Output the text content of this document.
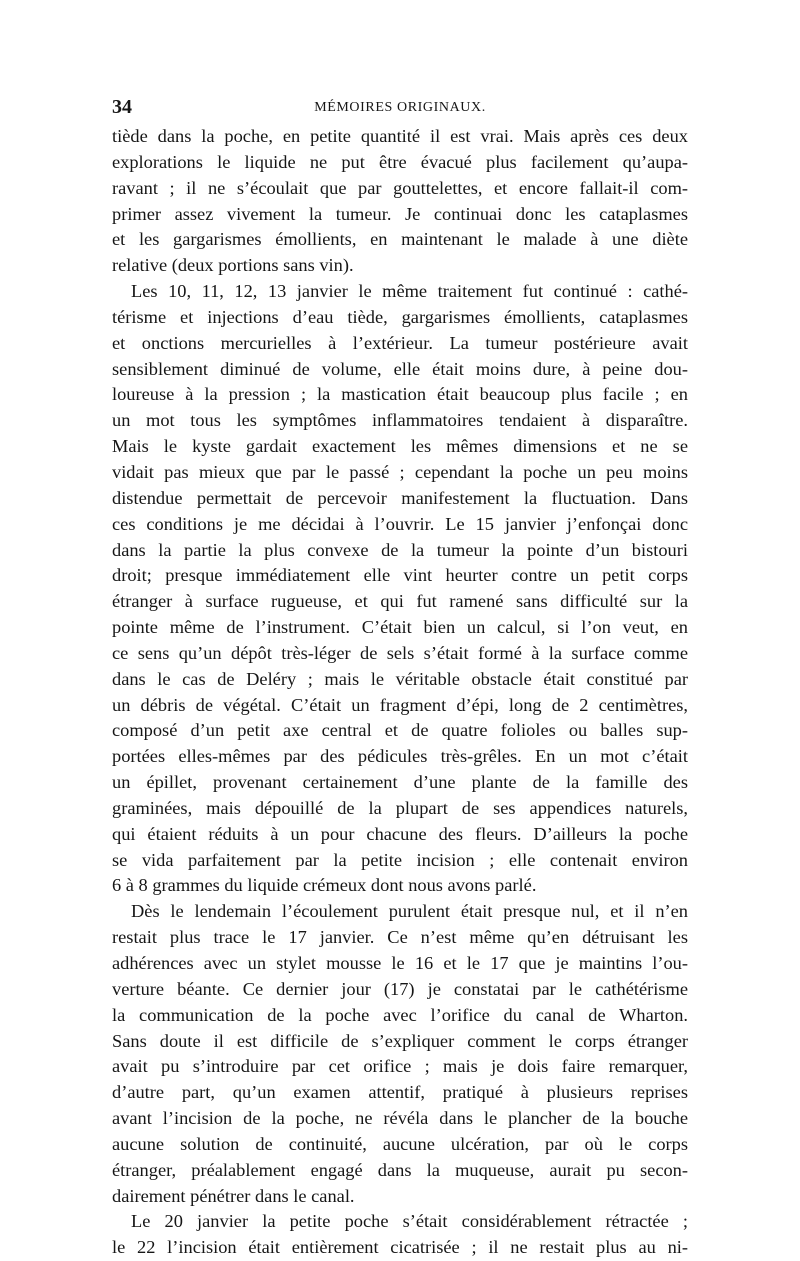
34	MÉMOIRES ORIGINAUX.
tiède dans la poche, en petite quantité il est vrai. Mais après ces deux
explorations le liquide ne put être évacué plus facilement qu’aupa-
ravant ; il ne s’écoulait que par gouttelettes, et encore fallait-il com-
primer assez vivement la tumeur. Je continuai donc les cataplasmes
et les gargarismes émollients, en maintenant le malade à une diète
relative (deux portions sans vin).
Les 10, 11, 12, 13 janvier le même traitement fut continué : cathé-
térisme et injections d’eau tiède, gargarismes émollients, cataplasmes
et onctions mercurielles à l’extérieur. La tumeur postérieure avait
sensiblement diminué de volume, elle était moins dure, à peine dou-
loureuse à la pression ; la mastication était beaucoup plus facile ; en
un mot tous les symptômes inflammatoires tendaient à disparaître.
Mais le kyste gardait exactement les mêmes dimensions et ne se
vidait pas mieux que par le passé ; cependant la poche un peu moins
distendue permettait de percevoir manifestement la fluctuation. Dans
ces conditions je me décidai à l’ouvrir. Le 15 janvier j’enfonçai donc
dans la partie la plus convexe de la tumeur la pointe d’un bistouri
droit; presque immédiatement elle vint heurter contre un petit corps
étranger à surface rugueuse, et qui fut ramené sans difficulté sur la
pointe même de l’instrument. C’était bien un calcul, si l’on veut, en
ce sens qu’un dépôt très-léger de sels s’était formé à la surface comme
dans le cas de Deléry ; mais le véritable obstacle était constitué par
un débris de végétal. C’était un fragment d’épi, long de 2 centimètres,
composé d’un petit axe central et de quatre folioles ou balles sup-
portées elles-mêmes par des pédicules très-grêles. En un mot c’était
un épillet, provenant certainement d’une plante de la famille des
graminées, mais dépouillé de la plupart de ses appendices naturels,
qui étaient réduits à un pour chacune des fleurs. D’ailleurs la poche
se vida parfaitement par la petite incision ; elle contenait environ
6 à 8 grammes du liquide crémeux dont nous avons parlé.
Dès le lendemain l’écoulement purulent était presque nul, et il n’en
restait plus trace le 17 janvier. Ce n’est même qu’en détruisant les
adhérences avec un stylet mousse le 16 et le 17 que je maintins l’ou-
verture béante. Ce dernier jour (17) je constatai par le cathétérisme
la communication de la poche avec l’orifice du canal de Wharton.
Sans doute il est difficile de s’expliquer comment le corps étranger
avait pu s’introduire par cet orifice ; mais je dois faire remarquer,
d’autre part, qu’un examen attentif, pratiqué à plusieurs reprises
avant l’incision de la poche, ne révéla dans le plancher de la bouche
aucune solution de continuité, aucune ulcération, par où le corps
étranger, préalablement engagé dans la muqueuse, aurait pu secon-
dairement pénétrer dans le canal.
Le 20 janvier la petite poche s’était considérablement rétractée ;
le 22 l’incision était entièrement cicatrisée ; il ne restait plus au ni-
